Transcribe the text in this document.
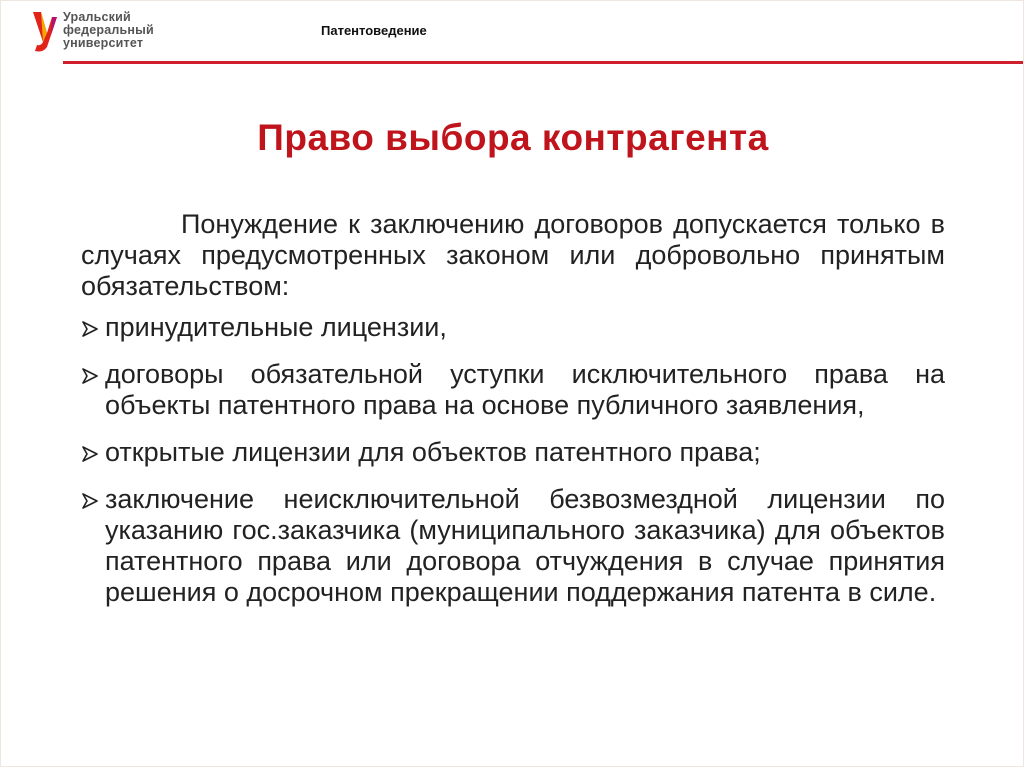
Уральский
федеральный
университет
Патентоведение
Право выбора контрагента

Понуждение к заключению договоров допускается только в случаях предусмотренных законом или добровольно принятым обязательством:

принудительные лицензии,
договоры обязательной уступки исключительного права на объекты патентного права на основе публичного заявления,
открытые лицензии для объектов патентного права;
заключение неисключительной безвозмездной лицензии по указанию гос.заказчика (муниципального заказчика) для объектов патентного права или договора отчуждения в случае принятия решения о досрочном прекращении поддержания патента в силе.
